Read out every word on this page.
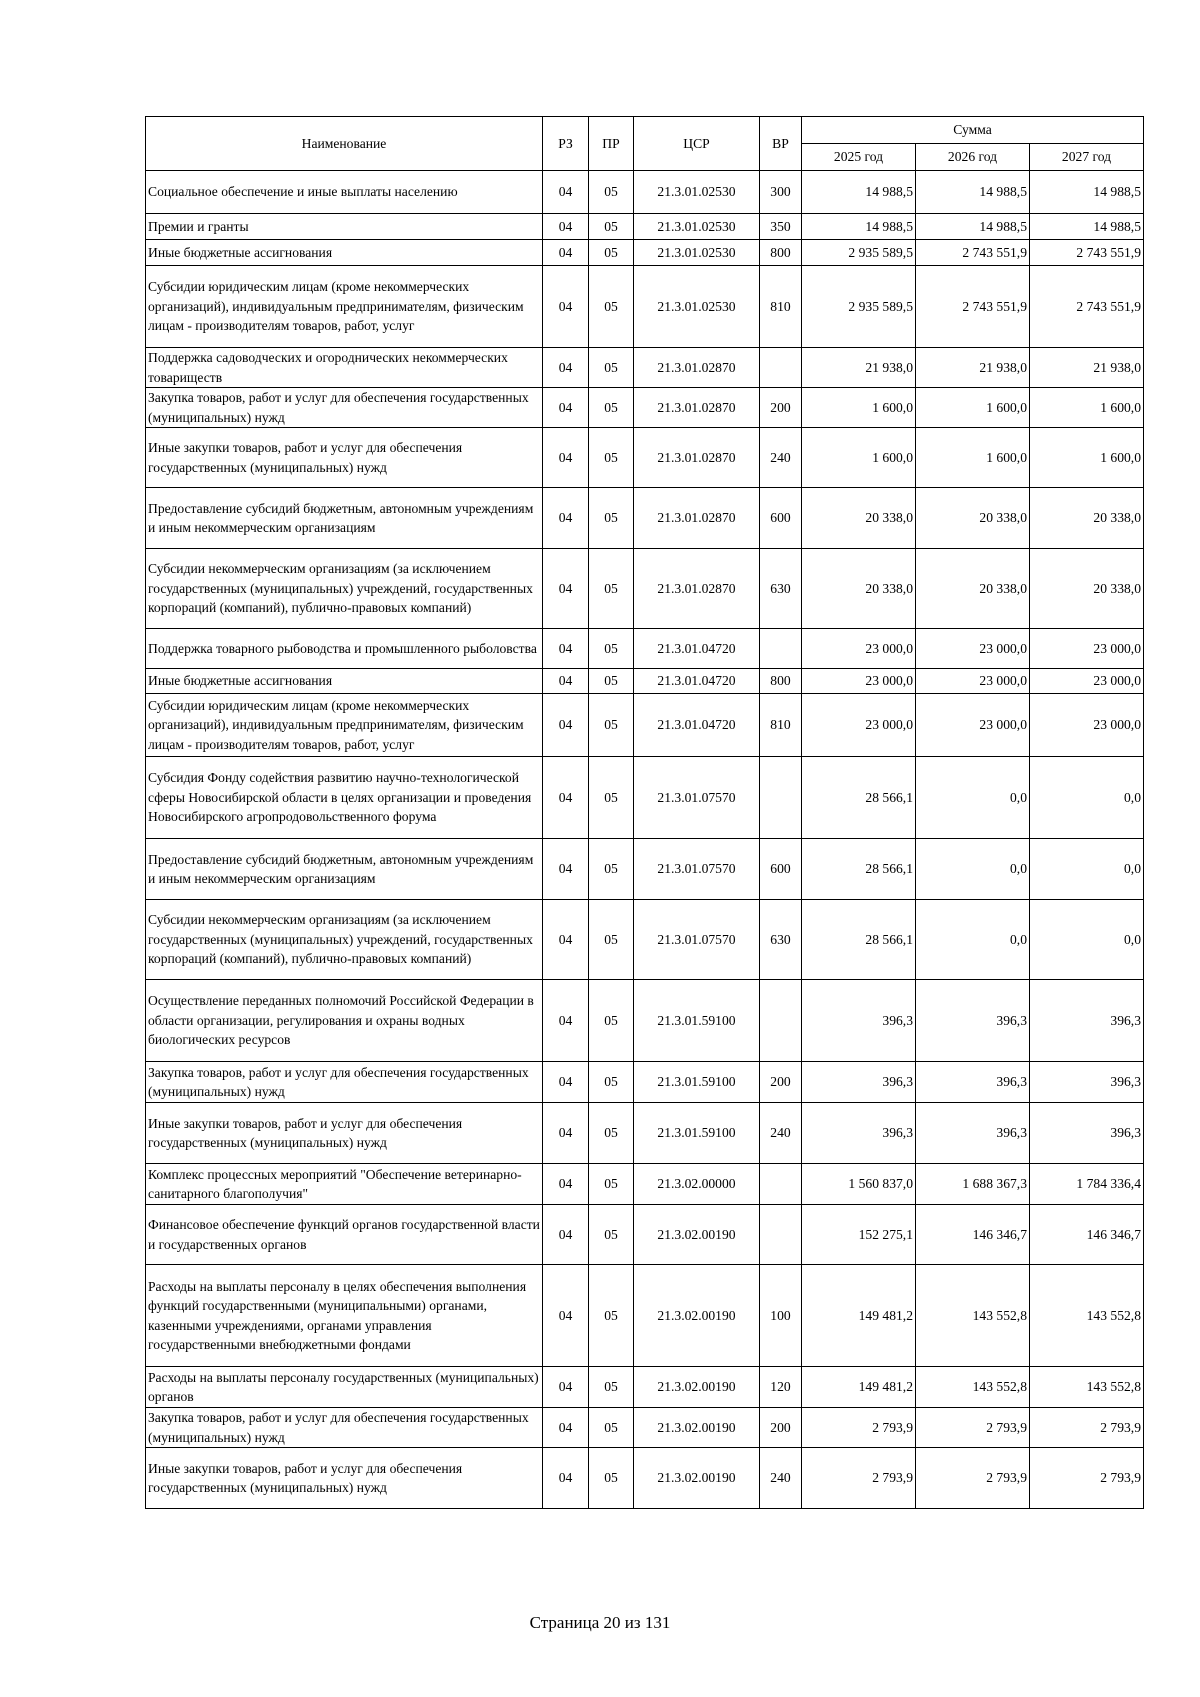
Наименование	РЗ	ПР	ЦСР	ВР	Сумма		
					2025 год	2026 год	2027 год
Социальное обеспечение и иные выплаты населению	04	05	21.3.01.02530	300	14 988,5	14 988,5	14 988,5
Премии и гранты	04	05	21.3.01.02530	350	14 988,5	14 988,5	14 988,5
Иные бюджетные ассигнования	04	05	21.3.01.02530	800	2 935 589,5	2 743 551,9	2 743 551,9
Субсидии юридическим лицам (кроме некоммерческих организаций), индивидуальным предпринимателям, физическим лицам - производителям товаров, работ, услуг	04	05	21.3.01.02530	810	2 935 589,5	2 743 551,9	2 743 551,9
Поддержка садоводческих и огороднических некоммерческих товариществ	04	05	21.3.01.02870		21 938,0	21 938,0	21 938,0
Закупка товаров, работ и услуг для обеспечения государственных (муниципальных) нужд	04	05	21.3.01.02870	200	1 600,0	1 600,0	1 600,0
Иные закупки товаров, работ и услуг для обеспечения государственных (муниципальных) нужд	04	05	21.3.01.02870	240	1 600,0	1 600,0	1 600,0
Предоставление субсидий бюджетным, автономным учреждениям и иным некоммерческим организациям	04	05	21.3.01.02870	600	20 338,0	20 338,0	20 338,0
Субсидии некоммерческим организациям (за исключением государственных (муниципальных) учреждений, государственных корпораций (компаний), публично-правовых компаний)	04	05	21.3.01.02870	630	20 338,0	20 338,0	20 338,0
Поддержка товарного рыбоводства и промышленного рыболовства	04	05	21.3.01.04720		23 000,0	23 000,0	23 000,0
Иные бюджетные ассигнования	04	05	21.3.01.04720	800	23 000,0	23 000,0	23 000,0
Субсидии юридическим лицам (кроме некоммерческих организаций), индивидуальным предпринимателям, физическим лицам - производителям товаров, работ, услуг	04	05	21.3.01.04720	810	23 000,0	23 000,0	23 000,0
Субсидия Фонду содействия развитию научно-технологической сферы Новосибирской области в целях организации и проведения Новосибирского агропродовольственного форума	04	05	21.3.01.07570		28 566,1	0,0	0,0
Предоставление субсидий бюджетным, автономным учреждениям и иным некоммерческим организациям	04	05	21.3.01.07570	600	28 566,1	0,0	0,0
Субсидии некоммерческим организациям (за исключением государственных (муниципальных) учреждений, государственных корпораций (компаний), публично-правовых компаний)	04	05	21.3.01.07570	630	28 566,1	0,0	0,0
Осуществление переданных полномочий Российской Федерации в области организации, регулирования и охраны водных биологических ресурсов	04	05	21.3.01.59100		396,3	396,3	396,3
Закупка товаров, работ и услуг для обеспечения государственных (муниципальных) нужд	04	05	21.3.01.59100	200	396,3	396,3	396,3
Иные закупки товаров, работ и услуг для обеспечения государственных (муниципальных) нужд	04	05	21.3.01.59100	240	396,3	396,3	396,3
Комплекс процессных мероприятий "Обеспечение ветеринарно-санитарного благополучия"	04	05	21.3.02.00000		1 560 837,0	1 688 367,3	1 784 336,4
Финансовое обеспечение функций органов государственной власти и государственных органов	04	05	21.3.02.00190		152 275,1	146 346,7	146 346,7
Расходы на выплаты персоналу в целях обеспечения выполнения функций государственными (муниципальными) органами, казенными учреждениями, органами управления государственными внебюджетными фондами	04	05	21.3.02.00190	100	149 481,2	143 552,8	143 552,8
Расходы на выплаты персоналу государственных (муниципальных) органов	04	05	21.3.02.00190	120	149 481,2	143 552,8	143 552,8
Закупка товаров, работ и услуг для обеспечения государственных (муниципальных) нужд	04	05	21.3.02.00190	200	2 793,9	2 793,9	2 793,9
Иные закупки товаров, работ и услуг для обеспечения государственных (муниципальных) нужд	04	05	21.3.02.00190	240	2 793,9	2 793,9	2 793,9
Страница 20 из 131
